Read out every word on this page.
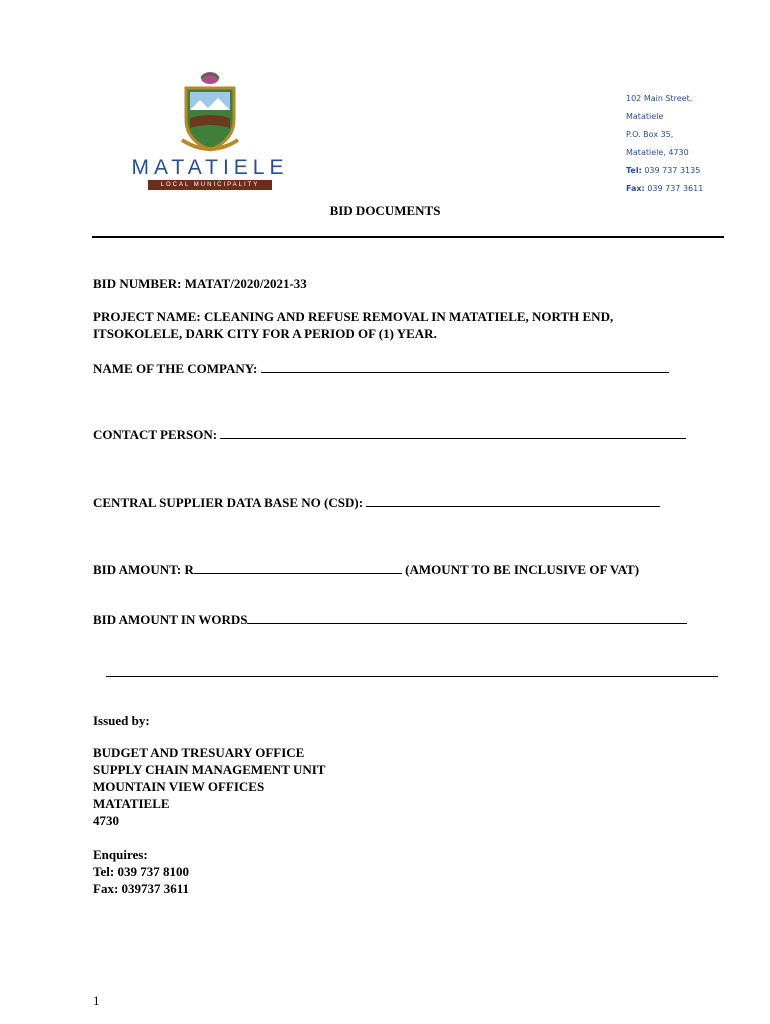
MATATIELE
LOCAL MUNICIPALITY
102 Main Street,
Matatiele
P.O. Box 35,
Matatiele, 4730
Tel: 039 737 3135
Fax: 039 737 3611
BID DOCUMENTS
BID NUMBER: MATAT/2020/2021-33
PROJECT NAME: CLEANING AND REFUSE REMOVAL IN MATATIELE, NORTH END,
ITSOKOLELE, DARK CITY FOR A PERIOD OF (1) YEAR.
NAME OF THE COMPANY:
CONTACT PERSON:
CENTRAL SUPPLIER DATA BASE NO (CSD):
BID AMOUNT: R	(AMOUNT TO BE INCLUSIVE OF VAT)
BID AMOUNT IN WORDS
Issued by:
BUDGET AND TRESUARY OFFICE
SUPPLY CHAIN MANAGEMENT UNIT
MOUNTAIN VIEW OFFICES
MATATIELE
4730
Enquires:
Tel: 039 737 8100
Fax: 039737 3611
1
